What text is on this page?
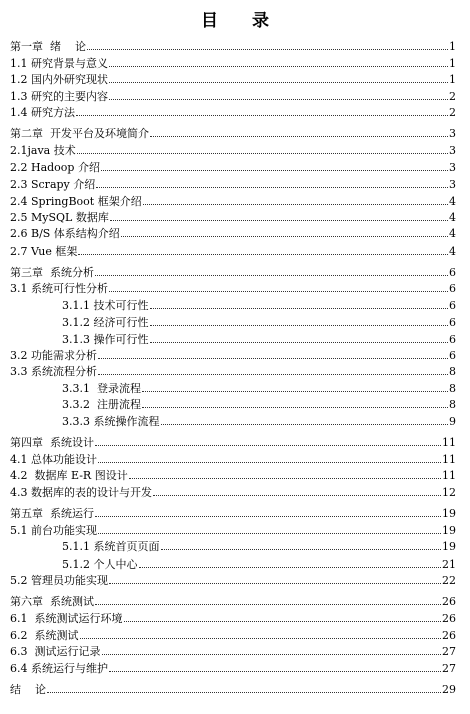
目 录
第一章  绪    论	1
1.1 研究背景与意义	1
1.2 国内外研究现状	1
1.3 研究的主要内容	2
1.4 研究方法	2
第二章  开发平台及环境简介	3
2.1java 技术	3
2.2 Hadoop 介绍	3
2.3 Scrapy 介绍	3
2.4 SpringBoot 框架介绍	4
2.5 MySQL 数据库	4
2.6 B/S 体系结构介绍	4
2.7 Vue 框架	4
第三章  系统分析	6
3.1 系统可行性分析	6
3.1.1 技术可行性	6
3.1.2 经济可行性	6
3.1.3 操作可行性	6
3.2 功能需求分析	6
3.3 系统流程分析	8
3.3.1  登录流程	8
3.3.2  注册流程	8
3.3.3 系统操作流程	9
第四章  系统设计	11
4.1 总体功能设计	11
4.2  数据库 E-R 图设计	11
4.3 数据库的表的设计与开发	12
第五章  系统运行	19
5.1 前台功能实现	19
5.1.1 系统首页页面	19
5.1.2 个人中心	21
5.2 管理员功能实现	22
第六章  系统测试	26
6.1  系统测试运行环境	26
6.2  系统测试	26
6.3  测试运行记录	27
6.4 系统运行与维护	27
结    论	29
